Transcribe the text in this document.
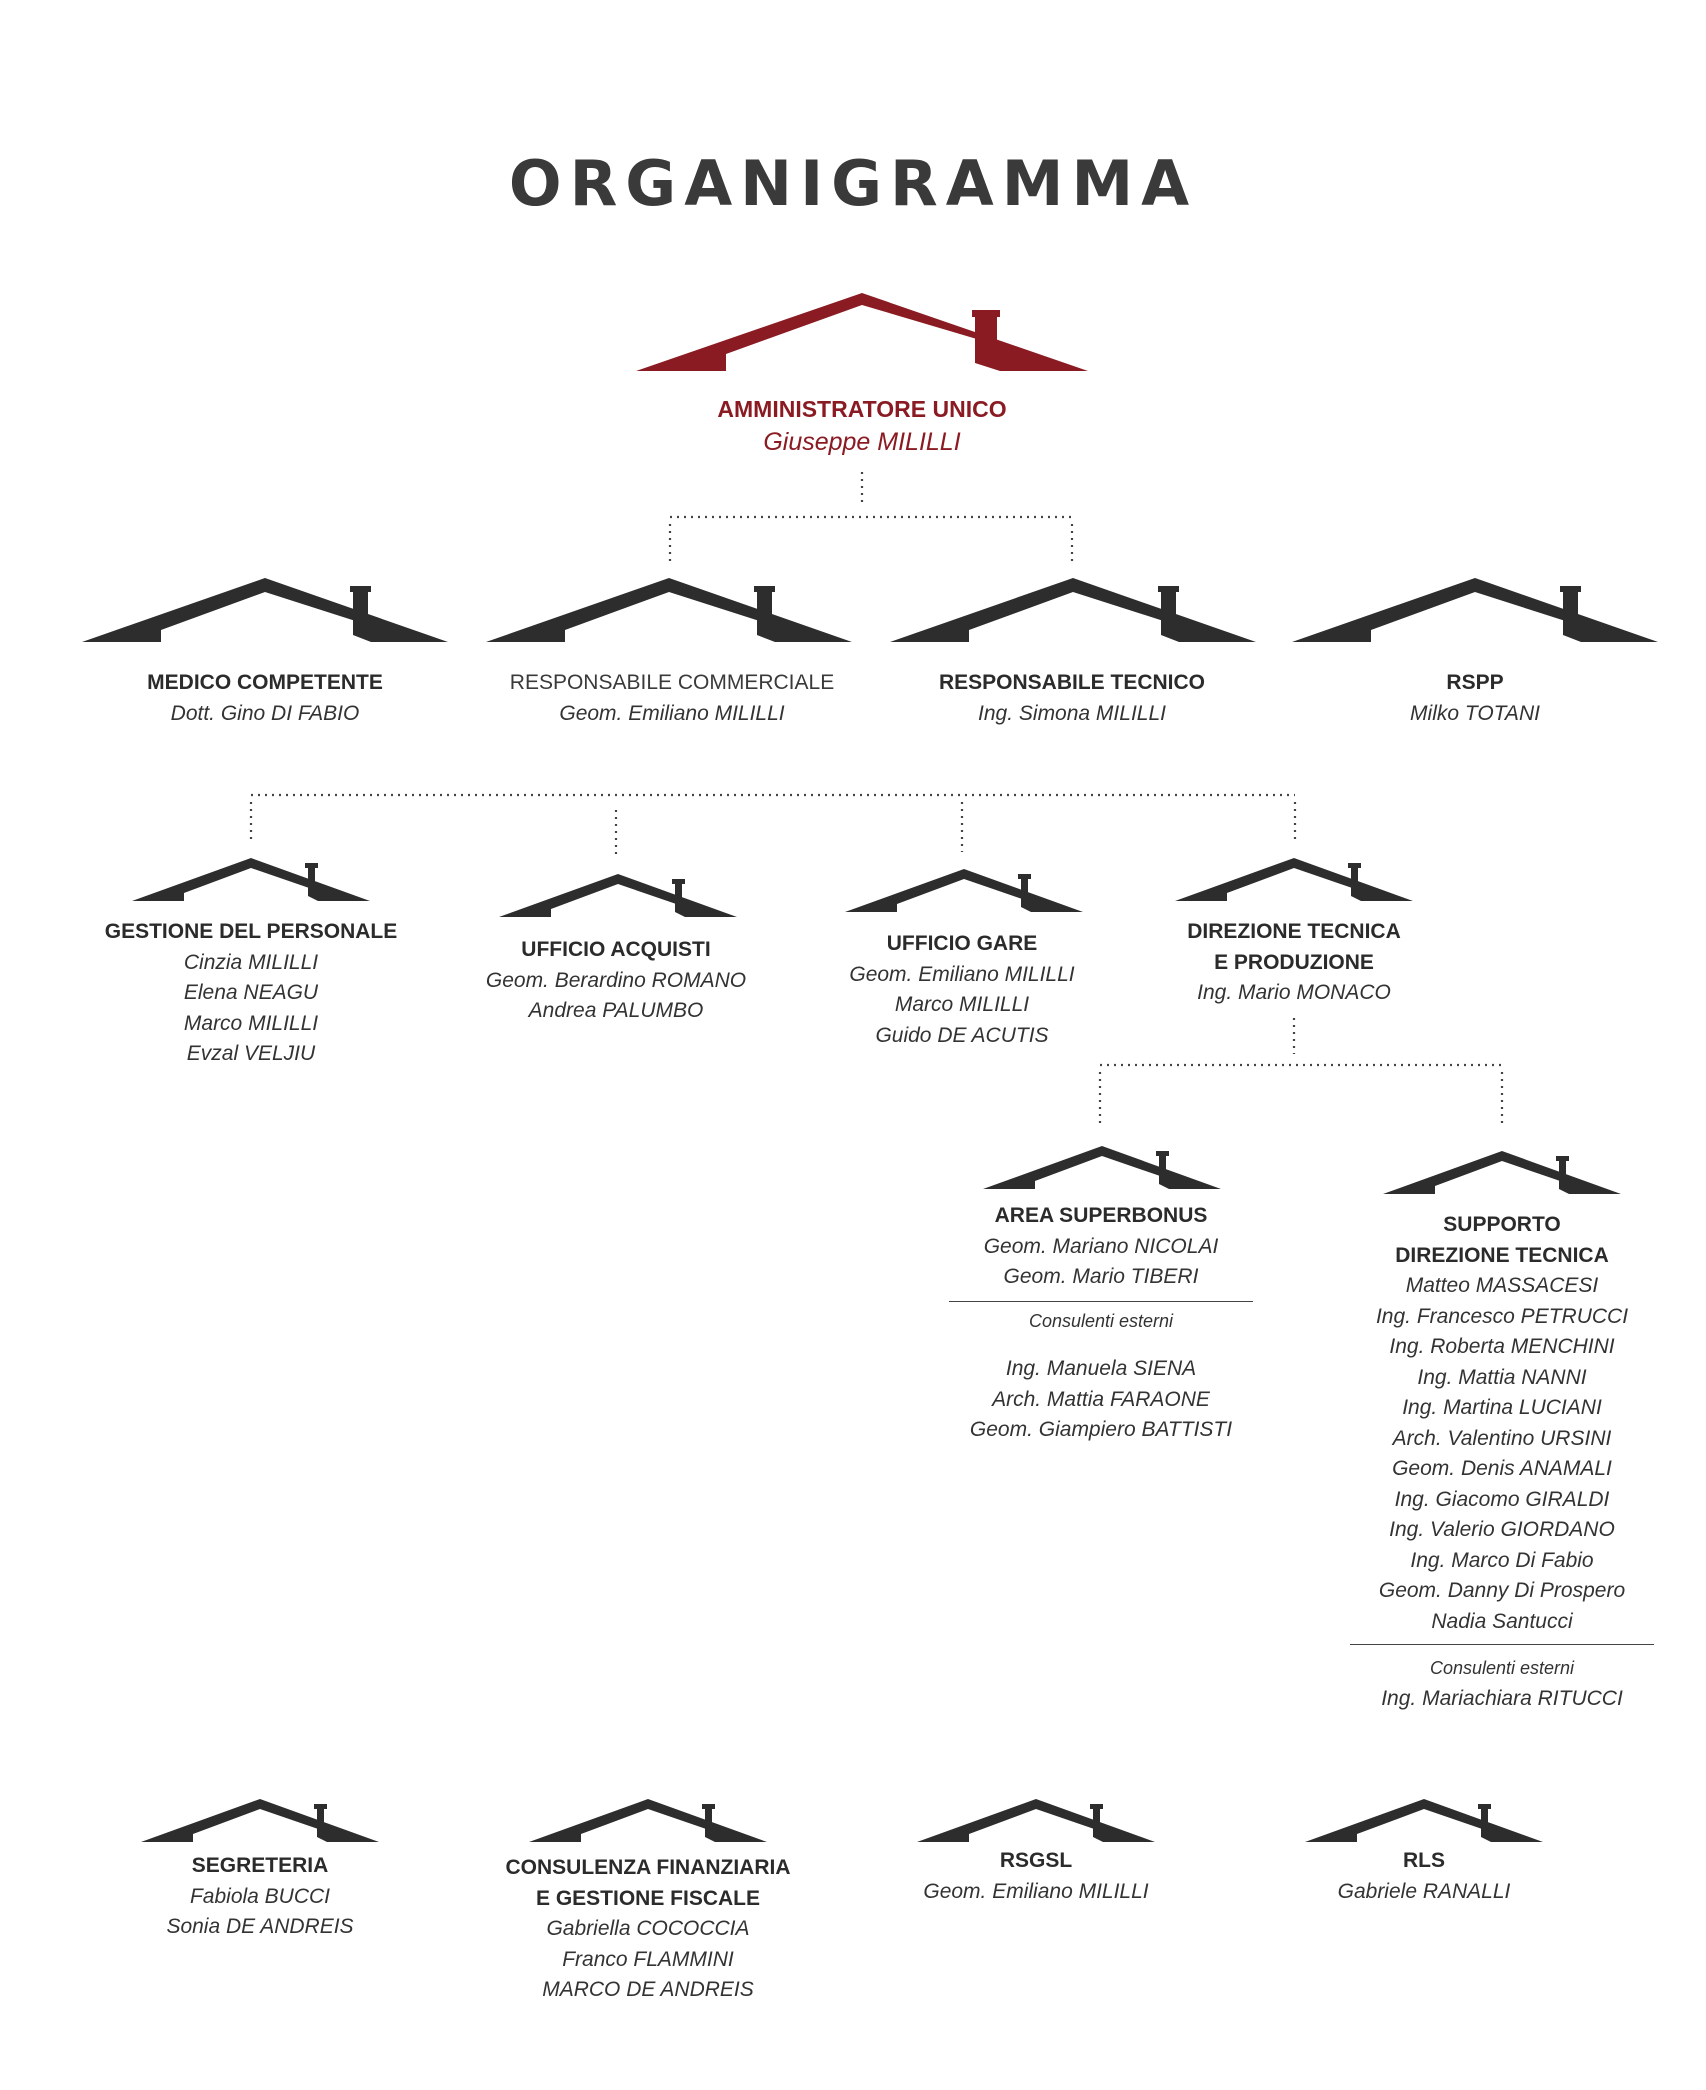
ORGANIGRAMMA
AMMINISTRATORE UNICO
Giuseppe MILILLI
MEDICO COMPETENTE
Dott. Gino DI FABIO
RESPONSABILE COMMERCIALE
Geom. Emiliano MILILLI
RESPONSABILE TECNICO
Ing. Simona MILILLI
RSPP
Milko TOTANI
GESTIONE DEL PERSONALE
Cinzia MILILLI
Elena NEAGU
Marco MILILLI
Evzal VELJIU
UFFICIO ACQUISTI
Geom. Berardino ROMANO
Andrea PALUMBO
UFFICIO GARE
Geom. Emiliano MILILLI
Marco MILILLI
Guido DE ACUTIS
DIREZIONE TECNICA
E PRODUZIONE
Ing. Mario MONACO
AREA SUPERBONUS
Geom. Mariano NICOLAI
Geom. Mario TIBERI
Consulenti esterni
Ing. Manuela SIENA
Arch. Mattia FARAONE
Geom. Giampiero BATTISTI
SUPPORTO
DIREZIONE TECNICA
Matteo MASSACESI
Ing. Francesco PETRUCCI
Ing. Roberta MENCHINI
Ing. Mattia NANNI
Ing. Martina LUCIANI
Arch. Valentino URSINI
Geom. Denis ANAMALI
Ing. Giacomo GIRALDI
Ing. Valerio GIORDANO
Ing. Marco Di Fabio
Geom. Danny Di Prospero
Nadia Santucci
Consulenti esterni
Ing. Mariachiara RITUCCI
SEGRETERIA
Fabiola BUCCI
Sonia DE ANDREIS
CONSULENZA FINANZIARIA
E GESTIONE FISCALE
Gabriella COCOCCIA
Franco FLAMMINI
MARCO DE ANDREIS
RSGSL
Geom. Emiliano MILILLI
RLS
Gabriele RANALLI
